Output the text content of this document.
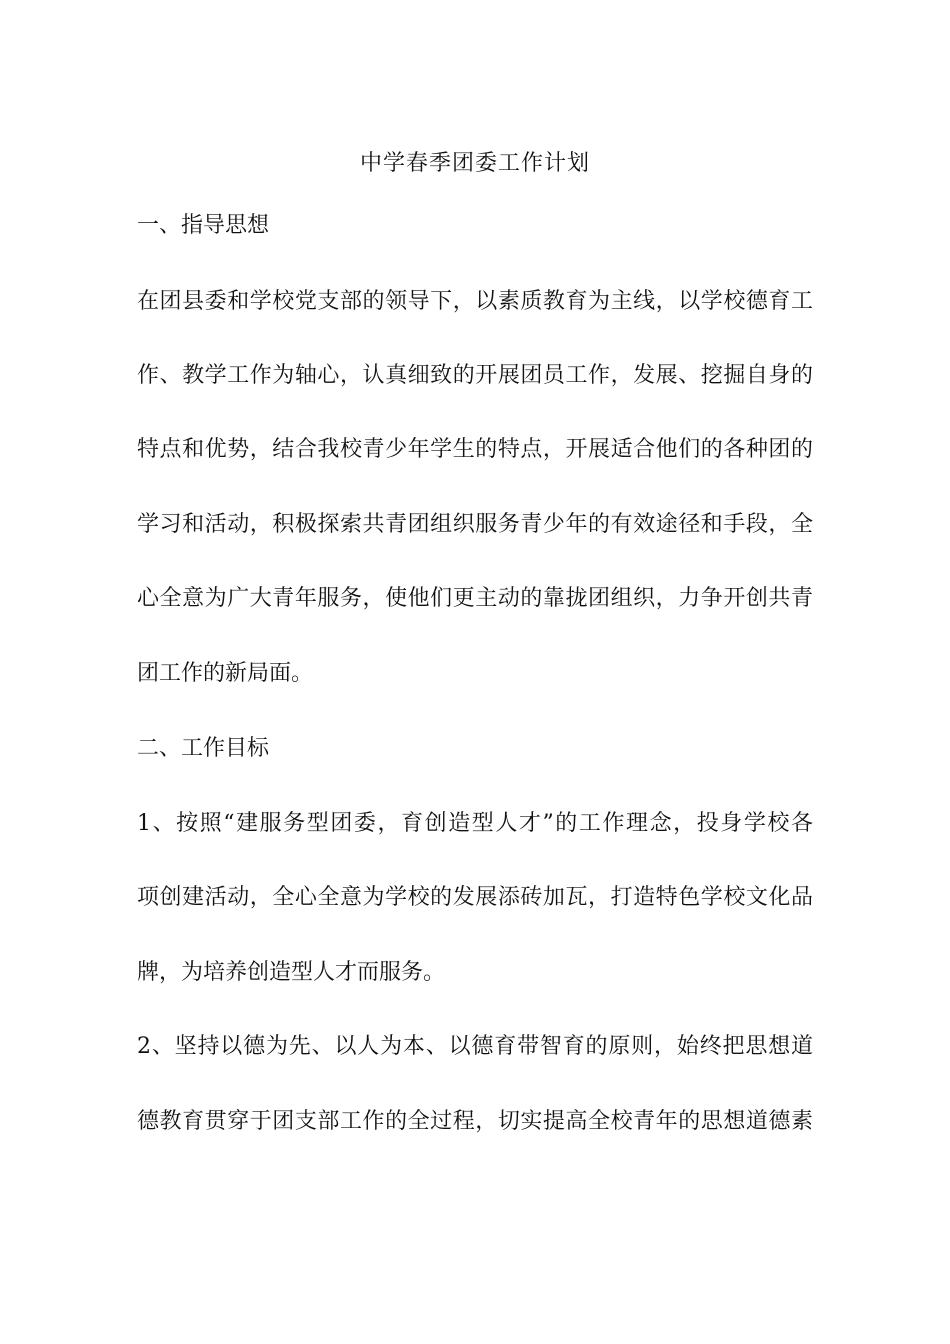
中学春季团委工作计划
一、指导思想
在团县委和学校党支部的领导下，以素质教育为主线，以学校德育工
作、教学工作为轴心，认真细致的开展团员工作，发展、挖掘自身的
特点和优势，结合我校青少年学生的特点，开展适合他们的各种团的
学习和活动，积极探索共青团组织服务青少年的有效途径和手段，全
心全意为广大青年服务，使他们更主动的靠拢团组织，力争开创共青
团工作的新局面。
二、工作目标
1、按照“建服务型团委，育创造型人才”的工作理念，投身学校各
项创建活动，全心全意为学校的发展添砖加瓦，打造特色学校文化品
牌，为培养创造型人才而服务。
2、坚持以德为先、以人为本、以德育带智育的原则，始终把思想道
德教育贯穿于团支部工作的全过程，切实提高全校青年的思想道德素
